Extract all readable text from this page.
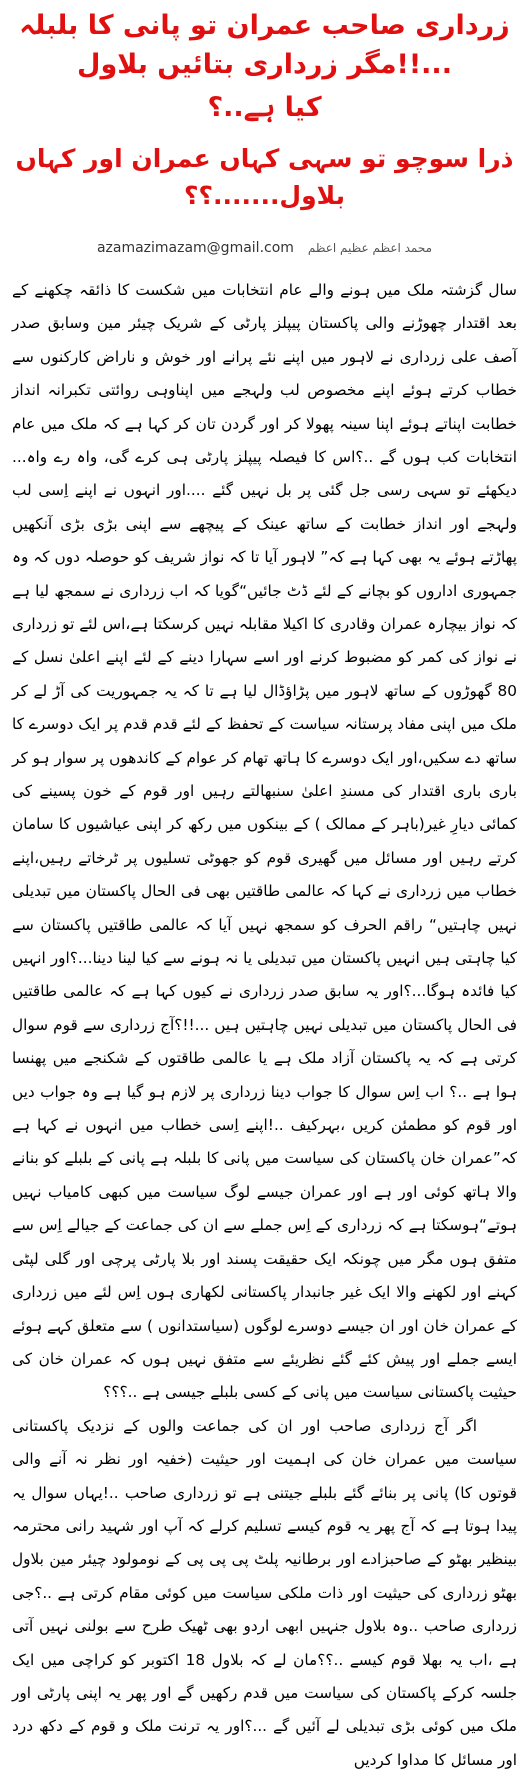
زرداری صاحب عمران تو پانی کا بلبلہ ...!!مگر زرداری بتائیں بلاول
کیا ہے..؟
ذرا سوچو تو سہی کہاں عمران اور کہاں بلاول.......؟؟
azamazimazam@gmail.com محمد اعظم عظیم اعظم

سال گزشتہ ملک میں ہونے والے عام انتخابات میں شکست کا ذائقہ چکھنے کے بعد اقتدار چھوڑنے والی پاکستان پیپلز پارٹی کے شریک چیئر مین وسابق صدر آصف علی زرداری نے لاہور میں اپنے نئے پرانے اور خوش و ناراض کارکنوں سے خطاب کرتے ہوئے اپنے مخصوص لب ولہجے میں اپناوہی روائتی تکبرانہ انداز خطابت اپناتے ہوئے اپنا سینہ پھولا کر اور گردن تان کر کہا ہے کہ ملک میں عام انتخابات کب ہوں گے ..؟اس کا فیصلہ پیپلز پارٹی ہی کرے گی، واہ رے واہ... دیکھئے تو سہی رسی جل گئی پر بل نہیں گئے ....اور انہوں نے اپنے اِسی لب ولہجے اور انداز خطابت کے ساتھ عینک کے پیچھے سے اپنی بڑی بڑی آنکھیں پھاڑتے ہوئے یہ بھی کہا ہے کہ” لاہور آیا تا کہ نواز شریف کو حوصلہ دوں کہ وہ جمہوری اداروں کو بچانے کے لئے ڈٹ جائیں“گویا کہ اب زرداری نے سمجھ لیا ہے کہ نواز بیچارہ عمران وقادری کا اکیلا مقابلہ نہیں کرسکتا ہے،اس لئے تو زرداری نے نواز کی کمر کو مضبوط کرنے اور اسے سہارا دینے کے لئے اپنے اعلیٰ نسل کے 80 گھوڑوں کے ساتھ لاہور میں پڑاؤڈال لیا ہے تا کہ یہ جمہوریت کی آڑ لے کر ملک میں اپنی مفاد پرستانہ سیاست کے تحفظ کے لئے قدم قدم پر ایک دوسرے کا ساتھ دے سکیں،اور ایک دوسرے کا ہاتھ تھام کر عوام کے کاندھوں پر سوار ہو کر باری باری اقتدار کی مسندِ اعلیٰ سنبھالتے رہیں اور قوم کے خون پسینے کی کمائی دیارِ غیر(باہر کے ممالک ) کے بینکوں میں رکھ کر اپنی عیاشیوں کا سامان کرتے رہیں اور مسائل میں گھیری قوم کو جھوٹی تسلیوں پر ٹرخاتے رہیں،اپنے خطاب میں زرداری نے کہا کہ عالمی طاقتیں بھی فی الحال پاکستان میں تبدیلی نہیں چاہتیں“ راقم الحرف کو سمجھ نہیں آیا کہ عالمی طاقتیں پاکستان سے کیا چاہتی ہیں انہیں پاکستان میں تبدیلی یا نہ ہونے سے کیا لینا دینا...؟اور انہیں کیا فائدہ ہوگا...؟اور یہ سابق صدر زرداری نے کیوں کہا ہے کہ عالمی طاقتیں فی الحال پاکستان میں تبدیلی نہیں چاہتیں ہیں ...!!؟آج زرداری سے قوم سوال کرتی ہے کہ یہ پاکستان آزاد ملک ہے یا عالمی طاقتوں کے شکنجے میں پھنسا ہوا ہے ..؟ اب اِس سوال کا جواب دینا زرداری پر لازم ہو گیا ہے وہ جواب دیں اور قوم کو مطمئن کریں ،بہرکیف ..!اپنے اِسی خطاب میں انہوں نے کہا ہے کہ”عمران خان پاکستان کی سیاست میں پانی کا بلبلہ ہے پانی کے بلبلے کو بنانے والا ہاتھ کوئی اور ہے اور عمران جیسے لوگ سیاست میں کبھی کامیاب نہیں ہوتے“ہوسکتا ہے کہ زرداری کے اِس جملے سے ان کی جماعت کے جیالے اِس سے متفق ہوں مگر میں چونکہ ایک حقیقت پسند اور بلا پارٹی پرچی اور گلی لپٹی کہنے اور لکھنے والا ایک غیر جانبدار پاکستانی لکھاری ہوں اِس لئے میں زرداری کے عمران خان اور ان جیسے دوسرے لوگوں (سیاستدانوں ) سے متعلق کہے ہوئے ایسے جملے اور پیش کئے گئے نظریئے سے متفق نہیں ہوں کہ عمران خان کی حیثیت پاکستانی سیاست میں پانی کے کسی بلبلے جیسی ہے ..؟؟؟

اگر آج زرداری صاحب اور ان کی جماعت والوں کے نزدیک پاکستانی سیاست میں عمران خان کی اہمیت اور حیثیت (خفیہ اور نظر نہ آنے والی قوتوں کا) پانی پر بنائے گئے بلبلے جیتنی ہے تو زرداری صاحب ..!یہاں سوال یہ پیدا ہوتا ہے کہ آج پھر یہ قوم کیسے تسلیم کرلے کہ آپ اور شہید رانی محترمہ بینظیر بھٹو کے صاحبزادے اور برطانیہ پلٹ پی پی پی کے نومولود چیئر مین بلاول بھٹو زرداری کی حیثیت اور ذات ملکی سیاست میں کوئی مقام کرتی ہے ..؟جی زرداری صاحب ..وہ بلاول جنہیں ابھی اردو بھی ٹھیک طرح سے بولنی نہیں آتی ہے ،اب یہ بھلا قوم کیسے ..؟؟مان لے کہ بلاول 18 اکتوبر کو کراچی میں ایک جلسہ کرکے پاکستان کی سیاست میں قدم رکھیں گے اور پھر یہ اپنی پارٹی اور ملک میں کوئی بڑی تبدیلی لے آئیں گے ...؟اور یہ ترنت ملک و قوم کے دکھ درد اور مسائل کا مداوا کردیں
